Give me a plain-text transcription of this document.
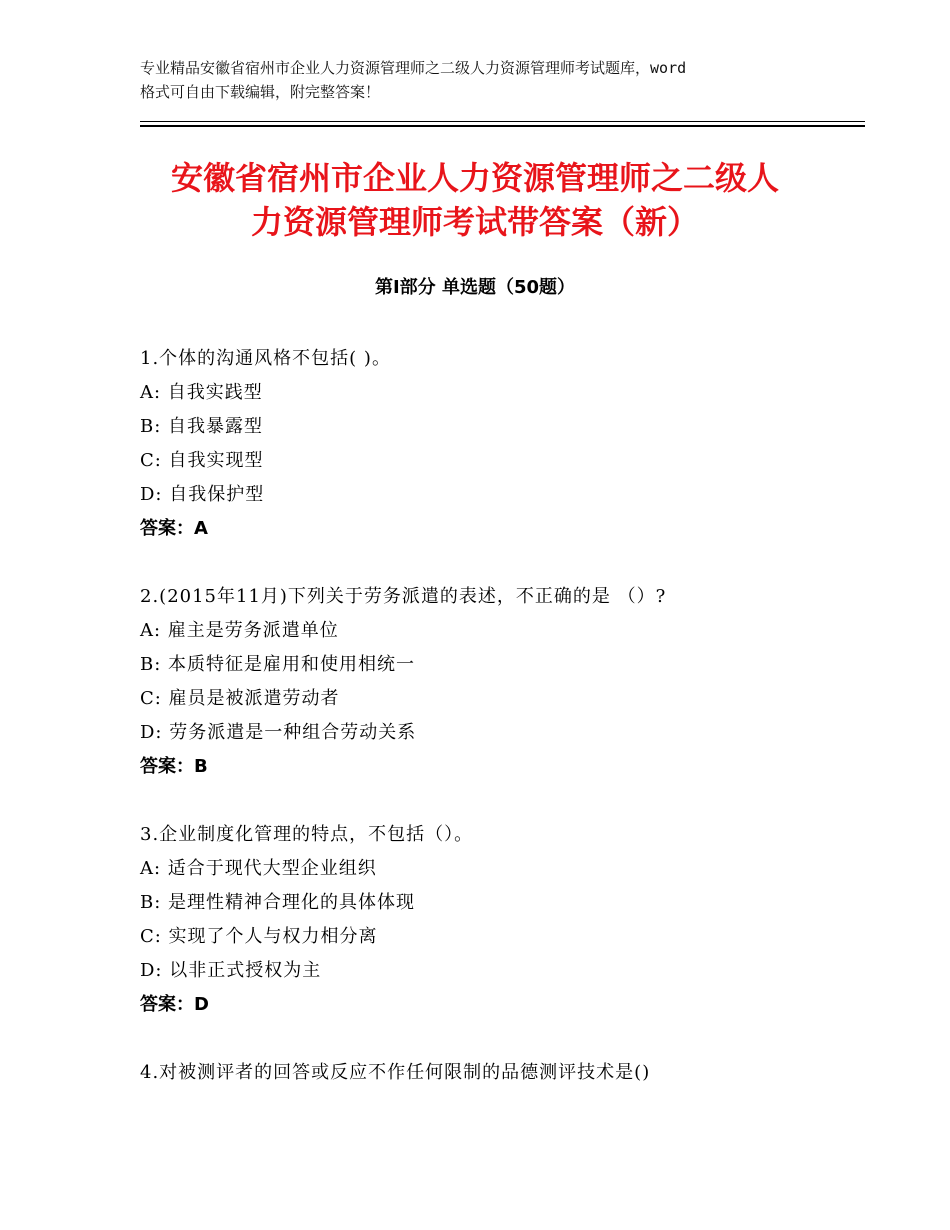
专业精品安徽省宿州市企业人力资源管理师之二级人力资源管理师考试题库，word
格式可自由下载编辑，附完整答案！
安徽省宿州市企业人力资源管理师之二级人
力资源管理师考试带答案（新）
第Ⅰ部分 单选题（50题）
1.个体的沟通风格不包括( )。
A: 自我实践型
B: 自我暴露型
C: 自我实现型
D: 自我保护型
答案：A
2.(2015年11月)下列关于劳务派遣的表述，不正确的是 （）?
A: 雇主是劳务派遣单位
B: 本质特征是雇用和使用相统一
C: 雇员是被派遣劳动者
D: 劳务派遣是一种组合劳动关系
答案：B
3.企业制度化管理的特点，不包括（）。
A: 适合于现代大型企业组织
B: 是理性精神合理化的具体体现
C: 实现了个人与权力相分离
D: 以非正式授权为主
答案：D
4.对被测评者的回答或反应不作任何限制的品德测评技术是()
